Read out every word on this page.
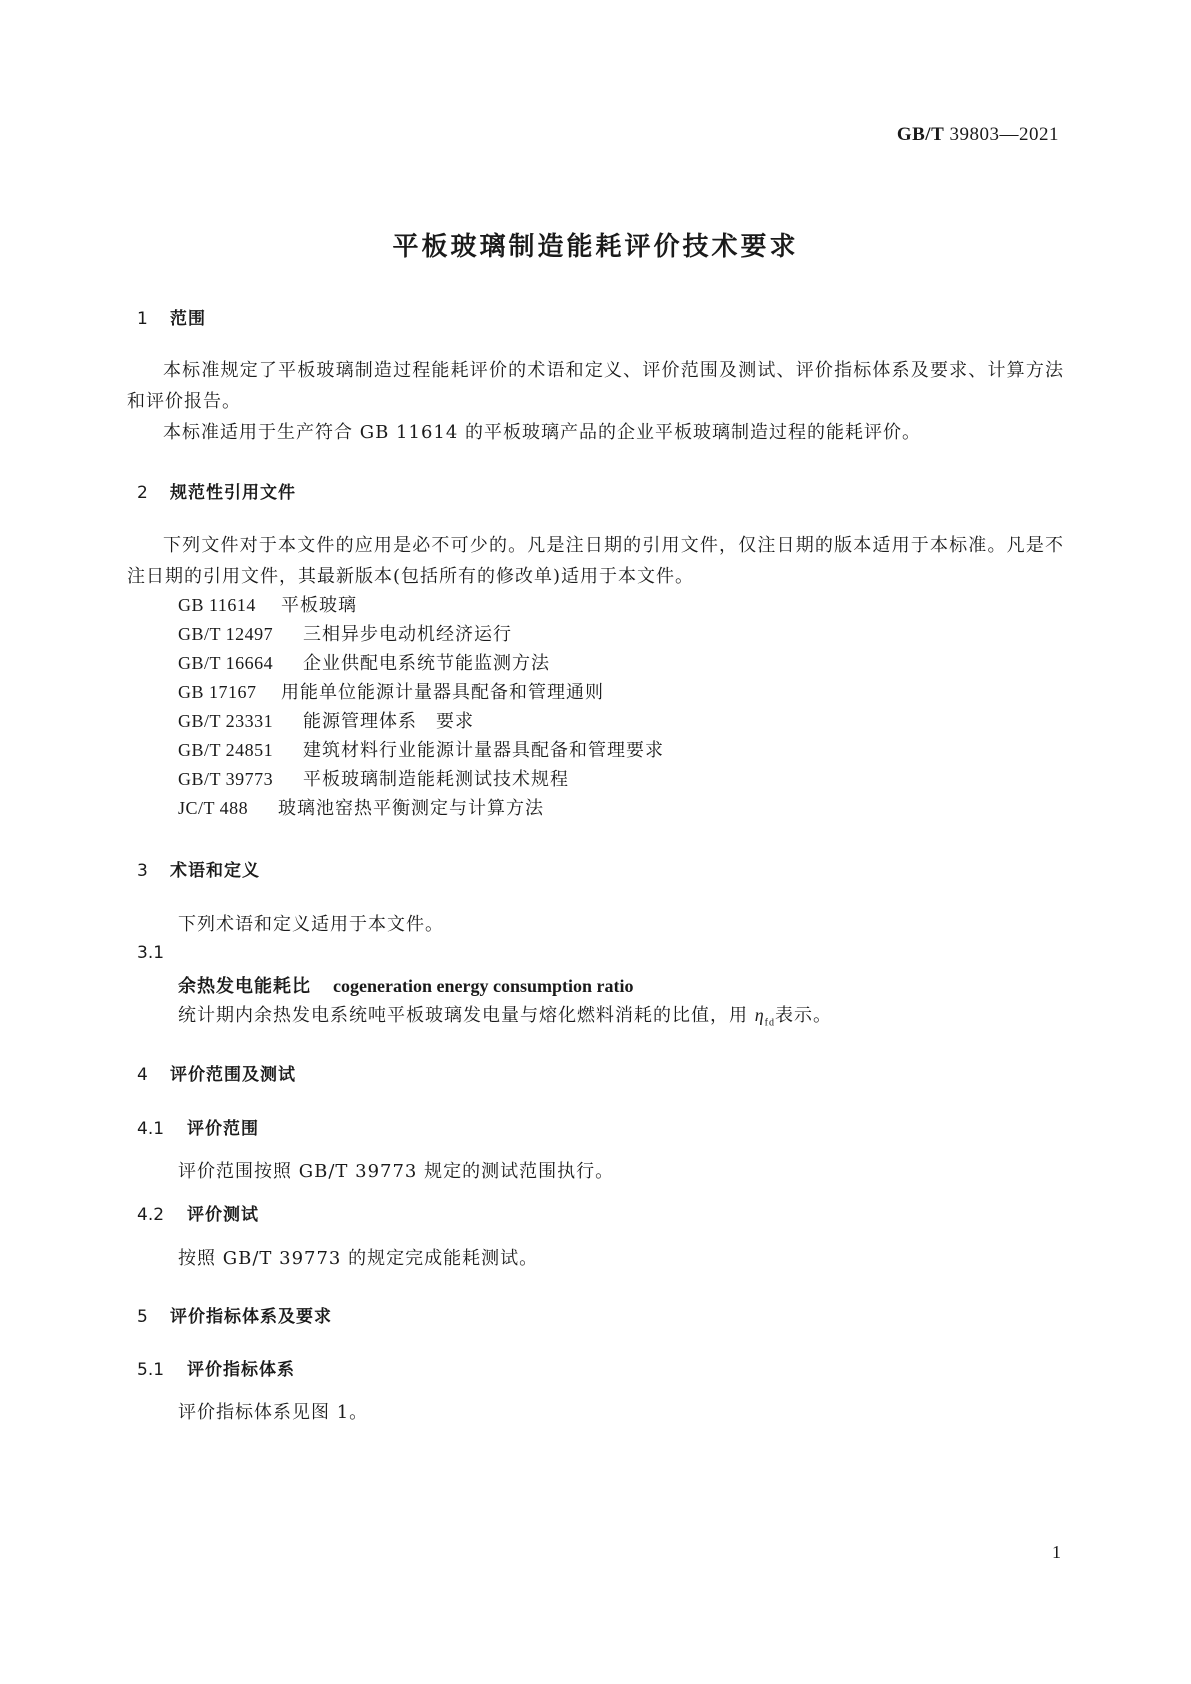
GB/T 39803—2021
平板玻璃制造能耗评价技术要求
1 范围
本标准规定了平板玻璃制造过程能耗评价的术语和定义、评价范围及测试、评价指标体系及要求、计算方法和评价报告。
本标准适用于生产符合 GB 11614 的平板玻璃产品的企业平板玻璃制造过程的能耗评价。
2 规范性引用文件
下列文件对于本文件的应用是必不可少的。凡是注日期的引用文件，仅注日期的版本适用于本标准。凡是不注日期的引用文件，其最新版本(包括所有的修改单)适用于本文件。
GB 11614 平板玻璃
GB/T 12497 三相异步电动机经济运行
GB/T 16664 企业供配电系统节能监测方法
GB 17167 用能单位能源计量器具配备和管理通则
GB/T 23331 能源管理体系　要求
GB/T 24851 建筑材料行业能源计量器具配备和管理要求
GB/T 39773 平板玻璃制造能耗测试技术规程
JC/T 488 玻璃池窑热平衡测定与计算方法
3 术语和定义
下列术语和定义适用于本文件。
3.1
余热发电能耗比 cogeneration energy consumption ratio
统计期内余热发电系统吨平板玻璃发电量与熔化燃料消耗的比值，用 $\eta_{fd}$表示。
4 评价范围及测试
4.1 评价范围
评价范围按照 GB/T 39773 规定的测试范围执行。
4.2 评价测试
按照 GB/T 39773 的规定完成能耗测试。
5 评价指标体系及要求
5.1 评价指标体系
评价指标体系见图 1。
1
